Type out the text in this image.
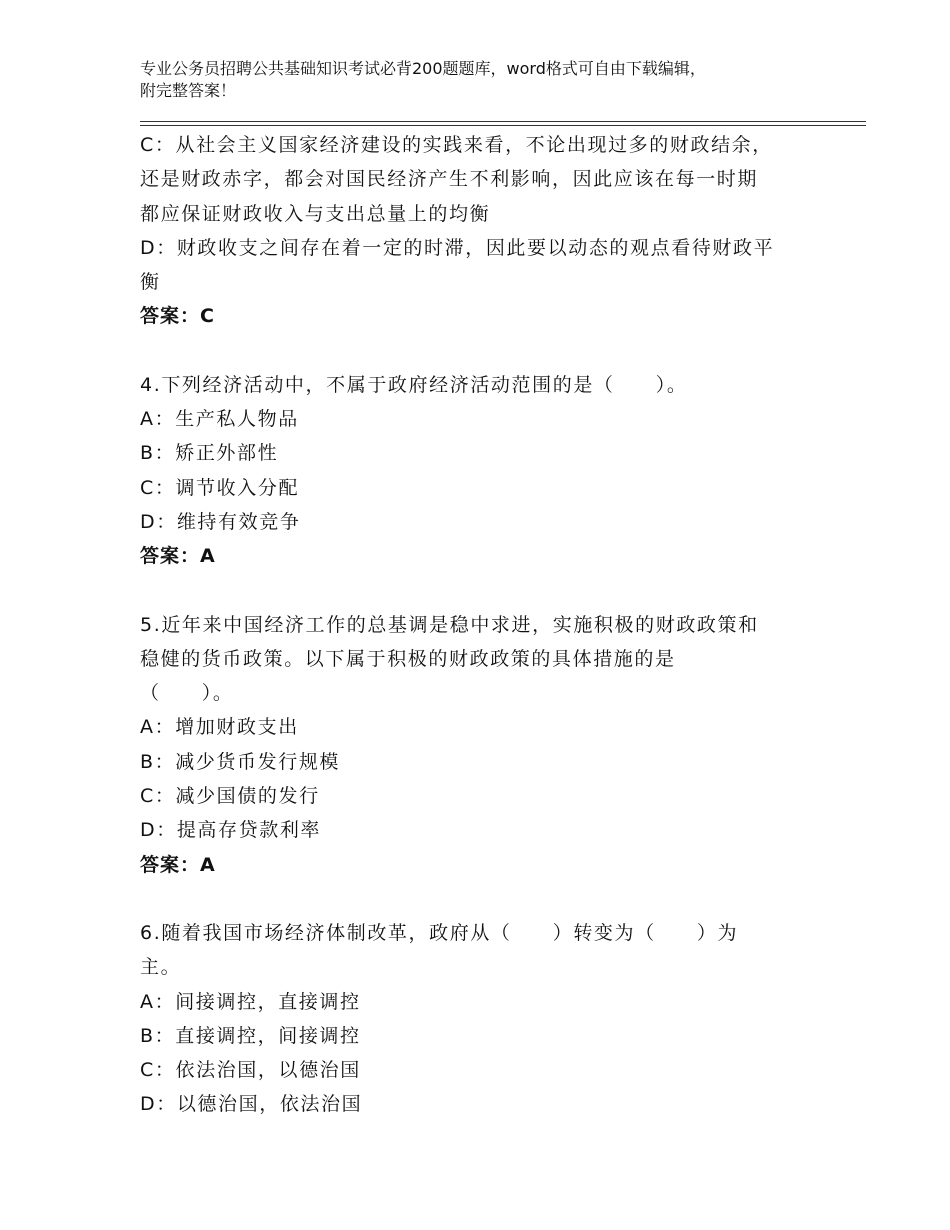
专业公务员招聘公共基础知识考试必背200题题库，word格式可自由下载编辑，
附完整答案！
C：从社会主义国家经济建设的实践来看，不论出现过多的财政结余，
还是财政赤字，都会对国民经济产生不利影响，因此应该在每一时期
都应保证财政收入与支出总量上的均衡
D：财政收支之间存在着一定的时滞，因此要以动态的观点看待财政平
衡
答案：C
4.下列经济活动中，不属于政府经济活动范围的是（　　）。
A：生产私人物品
B：矫正外部性
C：调节收入分配
D：维持有效竞争
答案：A
5.近年来中国经济工作的总基调是稳中求进，实施积极的财政政策和
稳健的货币政策。以下属于积极的财政政策的具体措施的是
（　　）。
A：增加财政支出
B：减少货币发行规模
C：减少国债的发行
D：提高存贷款利率
答案：A
6.随着我国市场经济体制改革，政府从（　　）转变为（　　）为
主。
A：间接调控，直接调控
B：直接调控，间接调控
C：依法治国，以德治国
D：以德治国，依法治国
